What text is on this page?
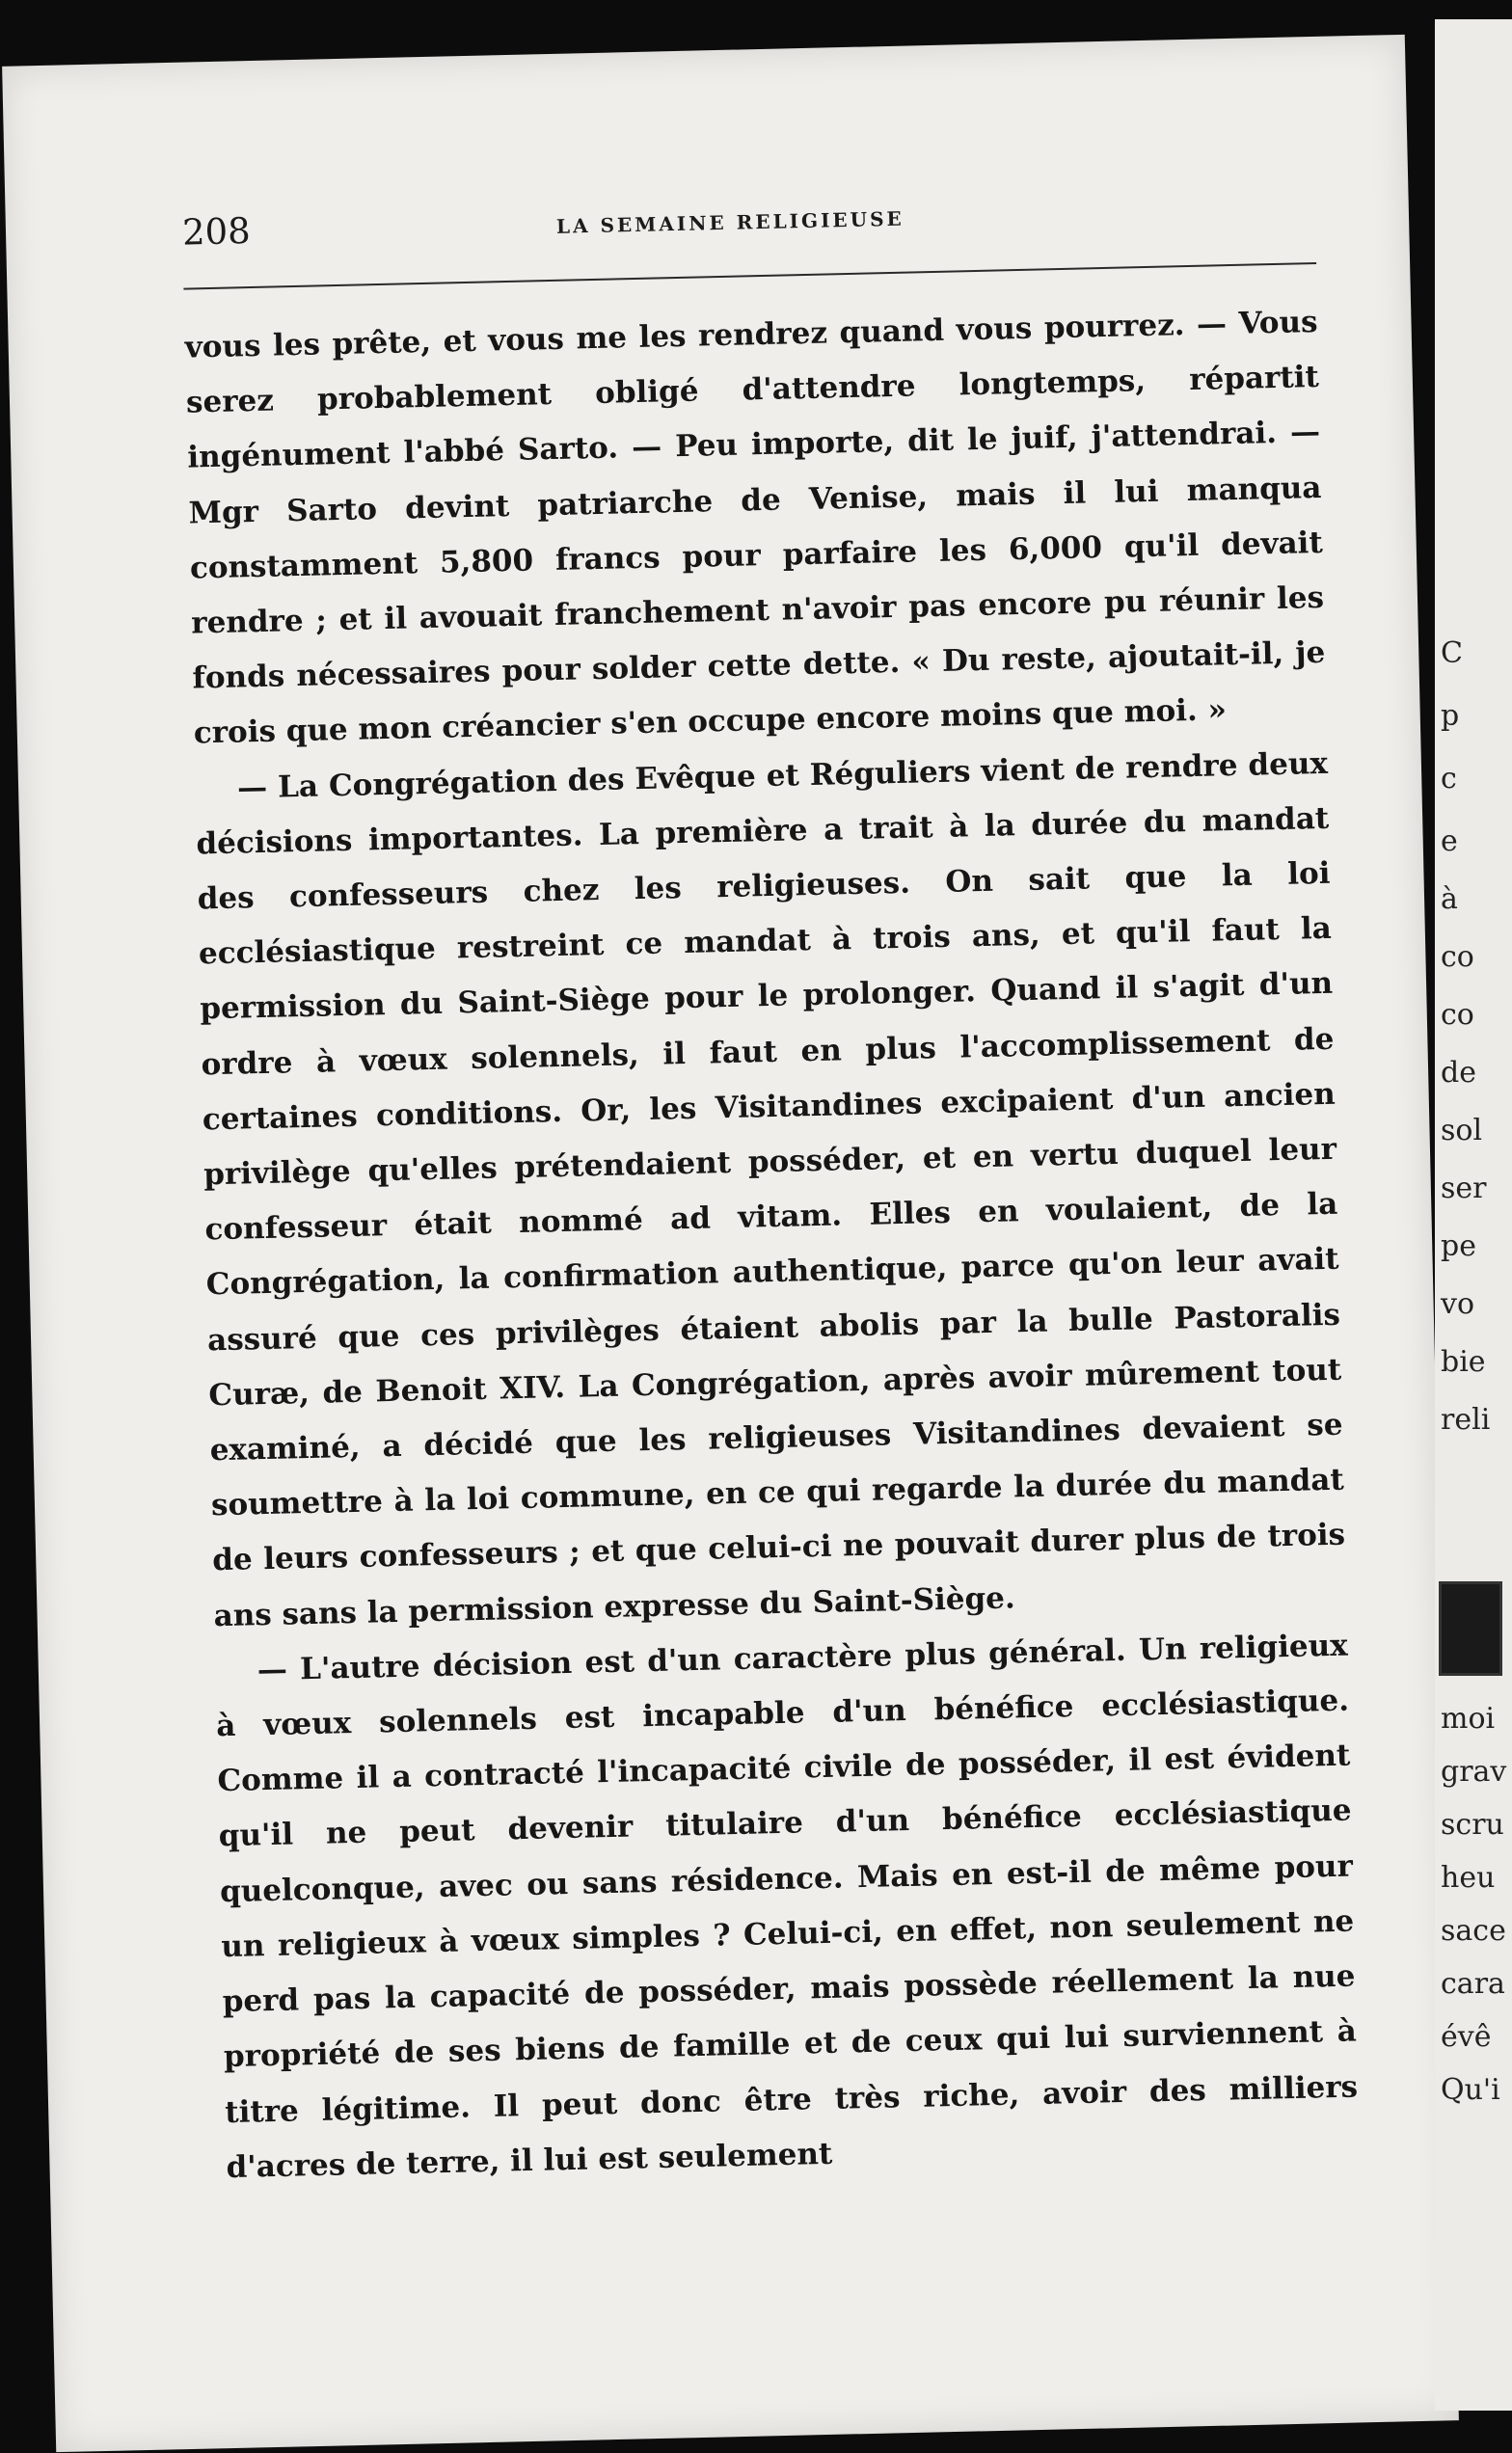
208	LA SEMAINE RELIGIEUSE

vous les prête, et vous me les rendrez quand vous pourrez. — Vous serez probablement obligé d'attendre longtemps, répartit ingénument l'abbé Sarto. — Peu importe, dit le juif, j'attendrai. — Mgr Sarto devint patriarche de Venise, mais il lui manqua constamment 5,800 francs pour parfaire les 6,000 qu'il devait rendre ; et il avouait franchement n'avoir pas encore pu réunir les fonds nécessaires pour solder cette dette. « Du reste, ajoutait-il, je crois que mon créancier s'en occupe encore moins que moi. »

— La Congrégation des Evêque et Réguliers vient de rendre deux décisions importantes. La première a trait à la durée du mandat des confesseurs chez les religieuses. On sait que la loi ecclésiastique restreint ce mandat à trois ans, et qu'il faut la permission du Saint-Siège pour le prolonger. Quand il s'agit d'un ordre à vœux solennels, il faut en plus l'accomplissement de certaines conditions. Or, les Visitandines excipaient d'un ancien privilège qu'elles prétendaient posséder, et en vertu duquel leur confesseur était nommé ad vitam. Elles en voulaient, de la Congrégation, la confirmation authentique, parce qu'on leur avait assuré que ces privilèges étaient abolis par la bulle Pastoralis Curæ, de Benoit XIV. La Congrégation, après avoir mûrement tout examiné, a décidé que les religieuses Visitandines devaient se soumettre à la loi commune, en ce qui regarde la durée du mandat de leurs confesseurs ; et que celui-ci ne pouvait durer plus de trois ans sans la permission expresse du Saint-Siège.

— L'autre décision est d'un caractère plus général. Un religieux à vœux solennels est incapable d'un bénéfice ecclésiastique. Comme il a contracté l'incapacité civile de posséder, il est évident qu'il ne peut devenir titulaire d'un bénéfice ecclésiastique quelconque, avec ou sans résidence. Mais en est-il de même pour un religieux à vœux simples ? Celui-ci, en effet, non seulement ne perd pas la capacité de posséder, mais possède réellement la nue propriété de ses biens de famille et de ceux qui lui surviennent à titre légitime. Il peut donc être très riche, avoir des milliers d'acres de terre, il lui est seulement

C
p
c
e
à
co
co
de
sol
ser
pe
vo
bie
reli
moi
grav
scru
heu
sace
cara
évê
Qu'i
